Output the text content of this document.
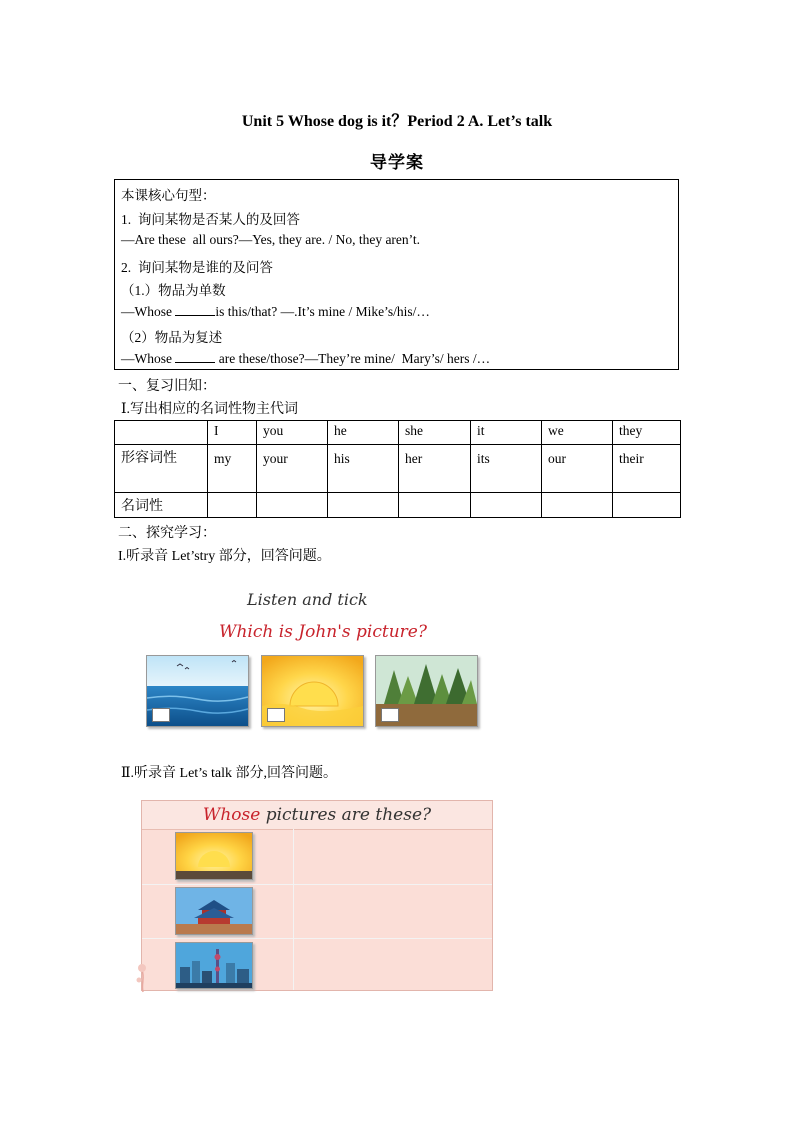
Unit 5 Whose dog is it？Period 2 A. Let’s talk
导学案
本课核心句型：
1.  询问某物是否某人的及回答
—Are these  all ours?—Yes, they are. / No, they aren’t.
2.  询问某物是谁的及问答
（1.）物品为单数
—Whose	is this/that? —.It’s mine / Mike’s/his/…
（2）物品为复述
—Whose	are these/those?—They’re mine/  Mary’s/ hers /…
一、复习旧知：
Ⅰ.写出相应的名词性物主代词
	I	you	he	she	it	we	they
形容词性	my	your	his	her	its	our	their
名词性							
二、探究学习：
I.听录音 Let’stry 部分，回答问题。
Listen and tick
Which is John's picture?
Ⅱ.听录音 Let’s talk 部分,回答问题。
Whose pictures are these?
